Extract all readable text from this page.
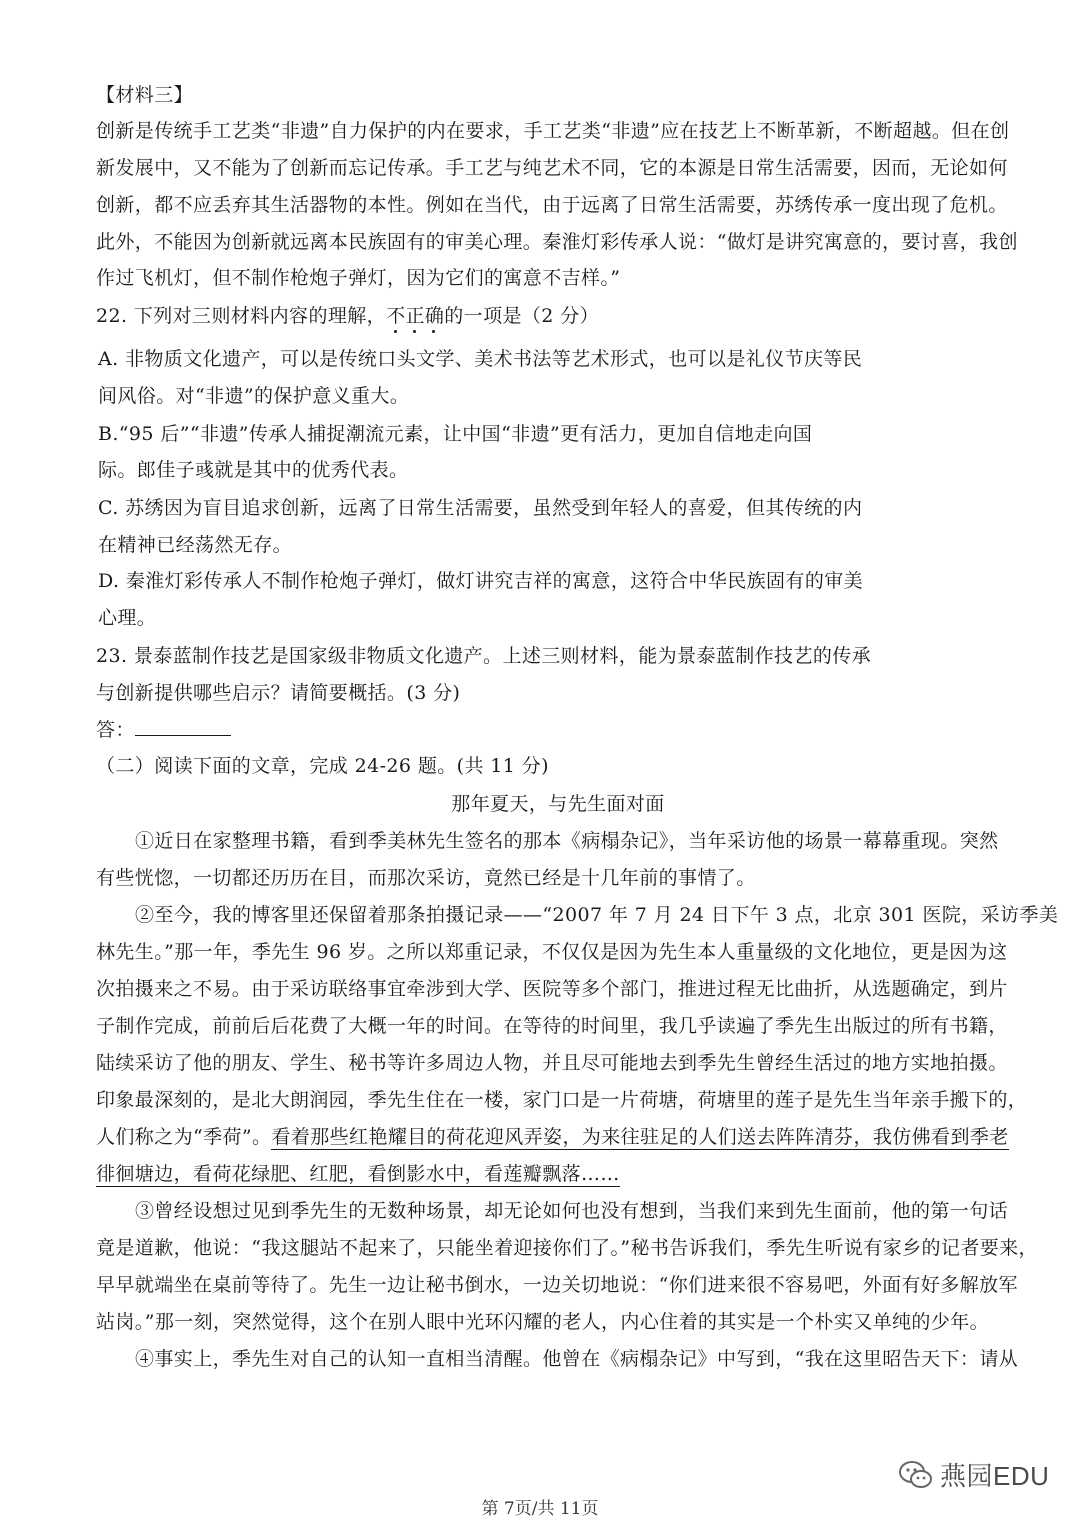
【材料三】
创新是传统手工艺类“非遗”自力保护的内在要求，手工艺类“非遗”应在技艺上不断革新，不断超越。但在创
新发展中，又不能为了创新而忘记传承。手工艺与纯艺术不同，它的本源是日常生活需要，因而，无论如何
创新，都不应丢弃其生活器物的本性。例如在当代，由于远离了日常生活需要，苏绣传承一度出现了危机。
此外，不能因为创新就远离本民族固有的审美心理。秦淮灯彩传承人说：“做灯是讲究寓意的，要讨喜，我创
作过飞机灯，但不制作枪炮子弹灯，因为它们的寓意不吉样。”
22. 下列对三则材料内容的理解，不正确
的一项是（2 分）
A. 非物质文化遗产，可以是传统口头文学、美术书法等艺术形式，也可以是礼仪节庆等民
间风俗。对“非遗”的保护意义重大。
B.“95 后”“非遗”传承人捕捉潮流元素，让中国“非遗”更有活力，更加自信地走向国
际。郎佳子彧就是其中的优秀代表。
C. 苏绣因为盲目追求创新，远离了日常生活需要，虽然受到年轻人的喜爱，但其传统的内
在精神已经荡然无存。
D. 秦淮灯彩传承人不制作枪炮子弹灯，做灯讲究吉祥的寓意，这符合中华民族固有的审美
心理。
23. 景泰蓝制作技艺是国家级非物质文化遗产。上述三则材料，能为景泰蓝制作技艺的传承
与创新提供哪些启示？请简要概括。(3 分)
答：
（二）阅读下面的文章，完成 24-26 题。(共 11 分)
那年夏天，与先生面对面
①近日在家整理书籍，看到季美林先生签名的那本《病榻杂记》，当年采访他的场景一幕幕重现。突然
有些恍惚，一切都还历历在目，而那次采访，竟然已经是十几年前的事情了。
②至今，我的博客里还保留着那条拍摄记录——“2007 年 7 月 24 日下午 3 点，北京 301 医院，采访季美
林先生。”那一年，季先生 96 岁。之所以郑重记录，不仅仅是因为先生本人重量级的文化地位，更是因为这
次拍摄来之不易。由于采访联络事宜牵涉到大学、医院等多个部门，推进过程无比曲折，从选题确定，到片
子制作完成，前前后后花费了大概一年的时间。在等待的时间里，我几乎读遍了季先生出版过的所有书籍，
陆续采访了他的朋友、学生、秘书等许多周边人物，并且尽可能地去到季先生曾经生活过的地方实地拍摄。
印象最深刻的，是北大朗润园，季先生住在一楼，家门口是一片荷塘，荷塘里的莲子是先生当年亲手搬下的，
人们称之为“季荷”。看着那些红艳耀目的荷花迎风弄姿，为来往驻足的人们送去阵阵清芬，我仿佛看到季老
徘徊塘边，看荷花绿肥、红肥，看倒影水中，看莲瓣飘落……
③曾经设想过见到季先生的无数种场景，却无论如何也没有想到，当我们来到先生面前，他的第一句话
竟是道歉，他说：“我这腿站不起来了，只能坐着迎接你们了。”秘书告诉我们，季先生听说有家乡的记者要来，
早早就端坐在桌前等待了。先生一边让秘书倒水，一边关切地说：“你们进来很不容易吧，外面有好多解放军
站岗。”那一刻，突然觉得，这个在别人眼中光环闪耀的老人，内心住着的其实是一个朴实又单纯的少年。
④事实上，季先生对自己的认知一直相当清醒。他曾在《病榻杂记》中写到，“我在这里昭告天下：请从
燕园EDU
第 7页/共 11页
